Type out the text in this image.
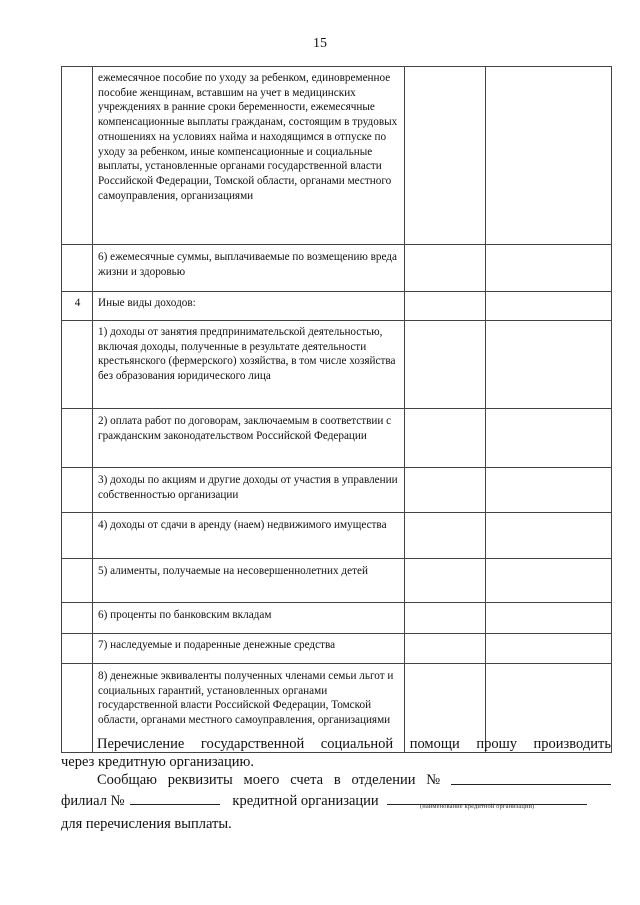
15
	ежемесячное пособие по уходу за ребенком, единовременное пособие женщинам, вставшим на учет в медицинских учреждениях в ранние сроки беременности, ежемесячные компенсационные выплаты гражданам, состоящим в трудовых отношениях на условиях найма и находящимся в отпуске по уходу за ребенком, иные компенсационные и социальные выплаты, установленные органами государственной власти Российской Федерации, Томской области, органами местного самоуправления, организациями		
	6) ежемесячные суммы, выплачиваемые по возмещению вреда жизни и здоровью		
4	Иные виды доходов:		
	1) доходы от занятия предпринимательской деятельностью, включая доходы, полученные в результате деятельности крестьянского (фермерского) хозяйства, в том числе хозяйства без образования юридического лица		
	2) оплата работ по договорам, заключаемым в соответствии с гражданским законодательством Российской Федерации		
	3) доходы по акциям и другие доходы от участия в управлении собственностью организации		
	4) доходы от сдачи в аренду (наем) недвижимого имущества		
	5) алименты, получаемые на несовершеннолетних детей		
	6) проценты по банковским вкладам		
	7) наследуемые и подаренные денежные средства		
	8) денежные эквиваленты полученных членами семьи льгот и социальных гарантий, установленных органами государственной власти Российской Федерации, Томской области, органами местного самоуправления, организациями		
Перечисление государственной социальной помощи прошу производить
через кредитную организацию.
Сообщаю реквизиты моего счета в отделении №
филиал №	кредитной организации	(наименование кредитной организации)
для перечисления выплаты.
